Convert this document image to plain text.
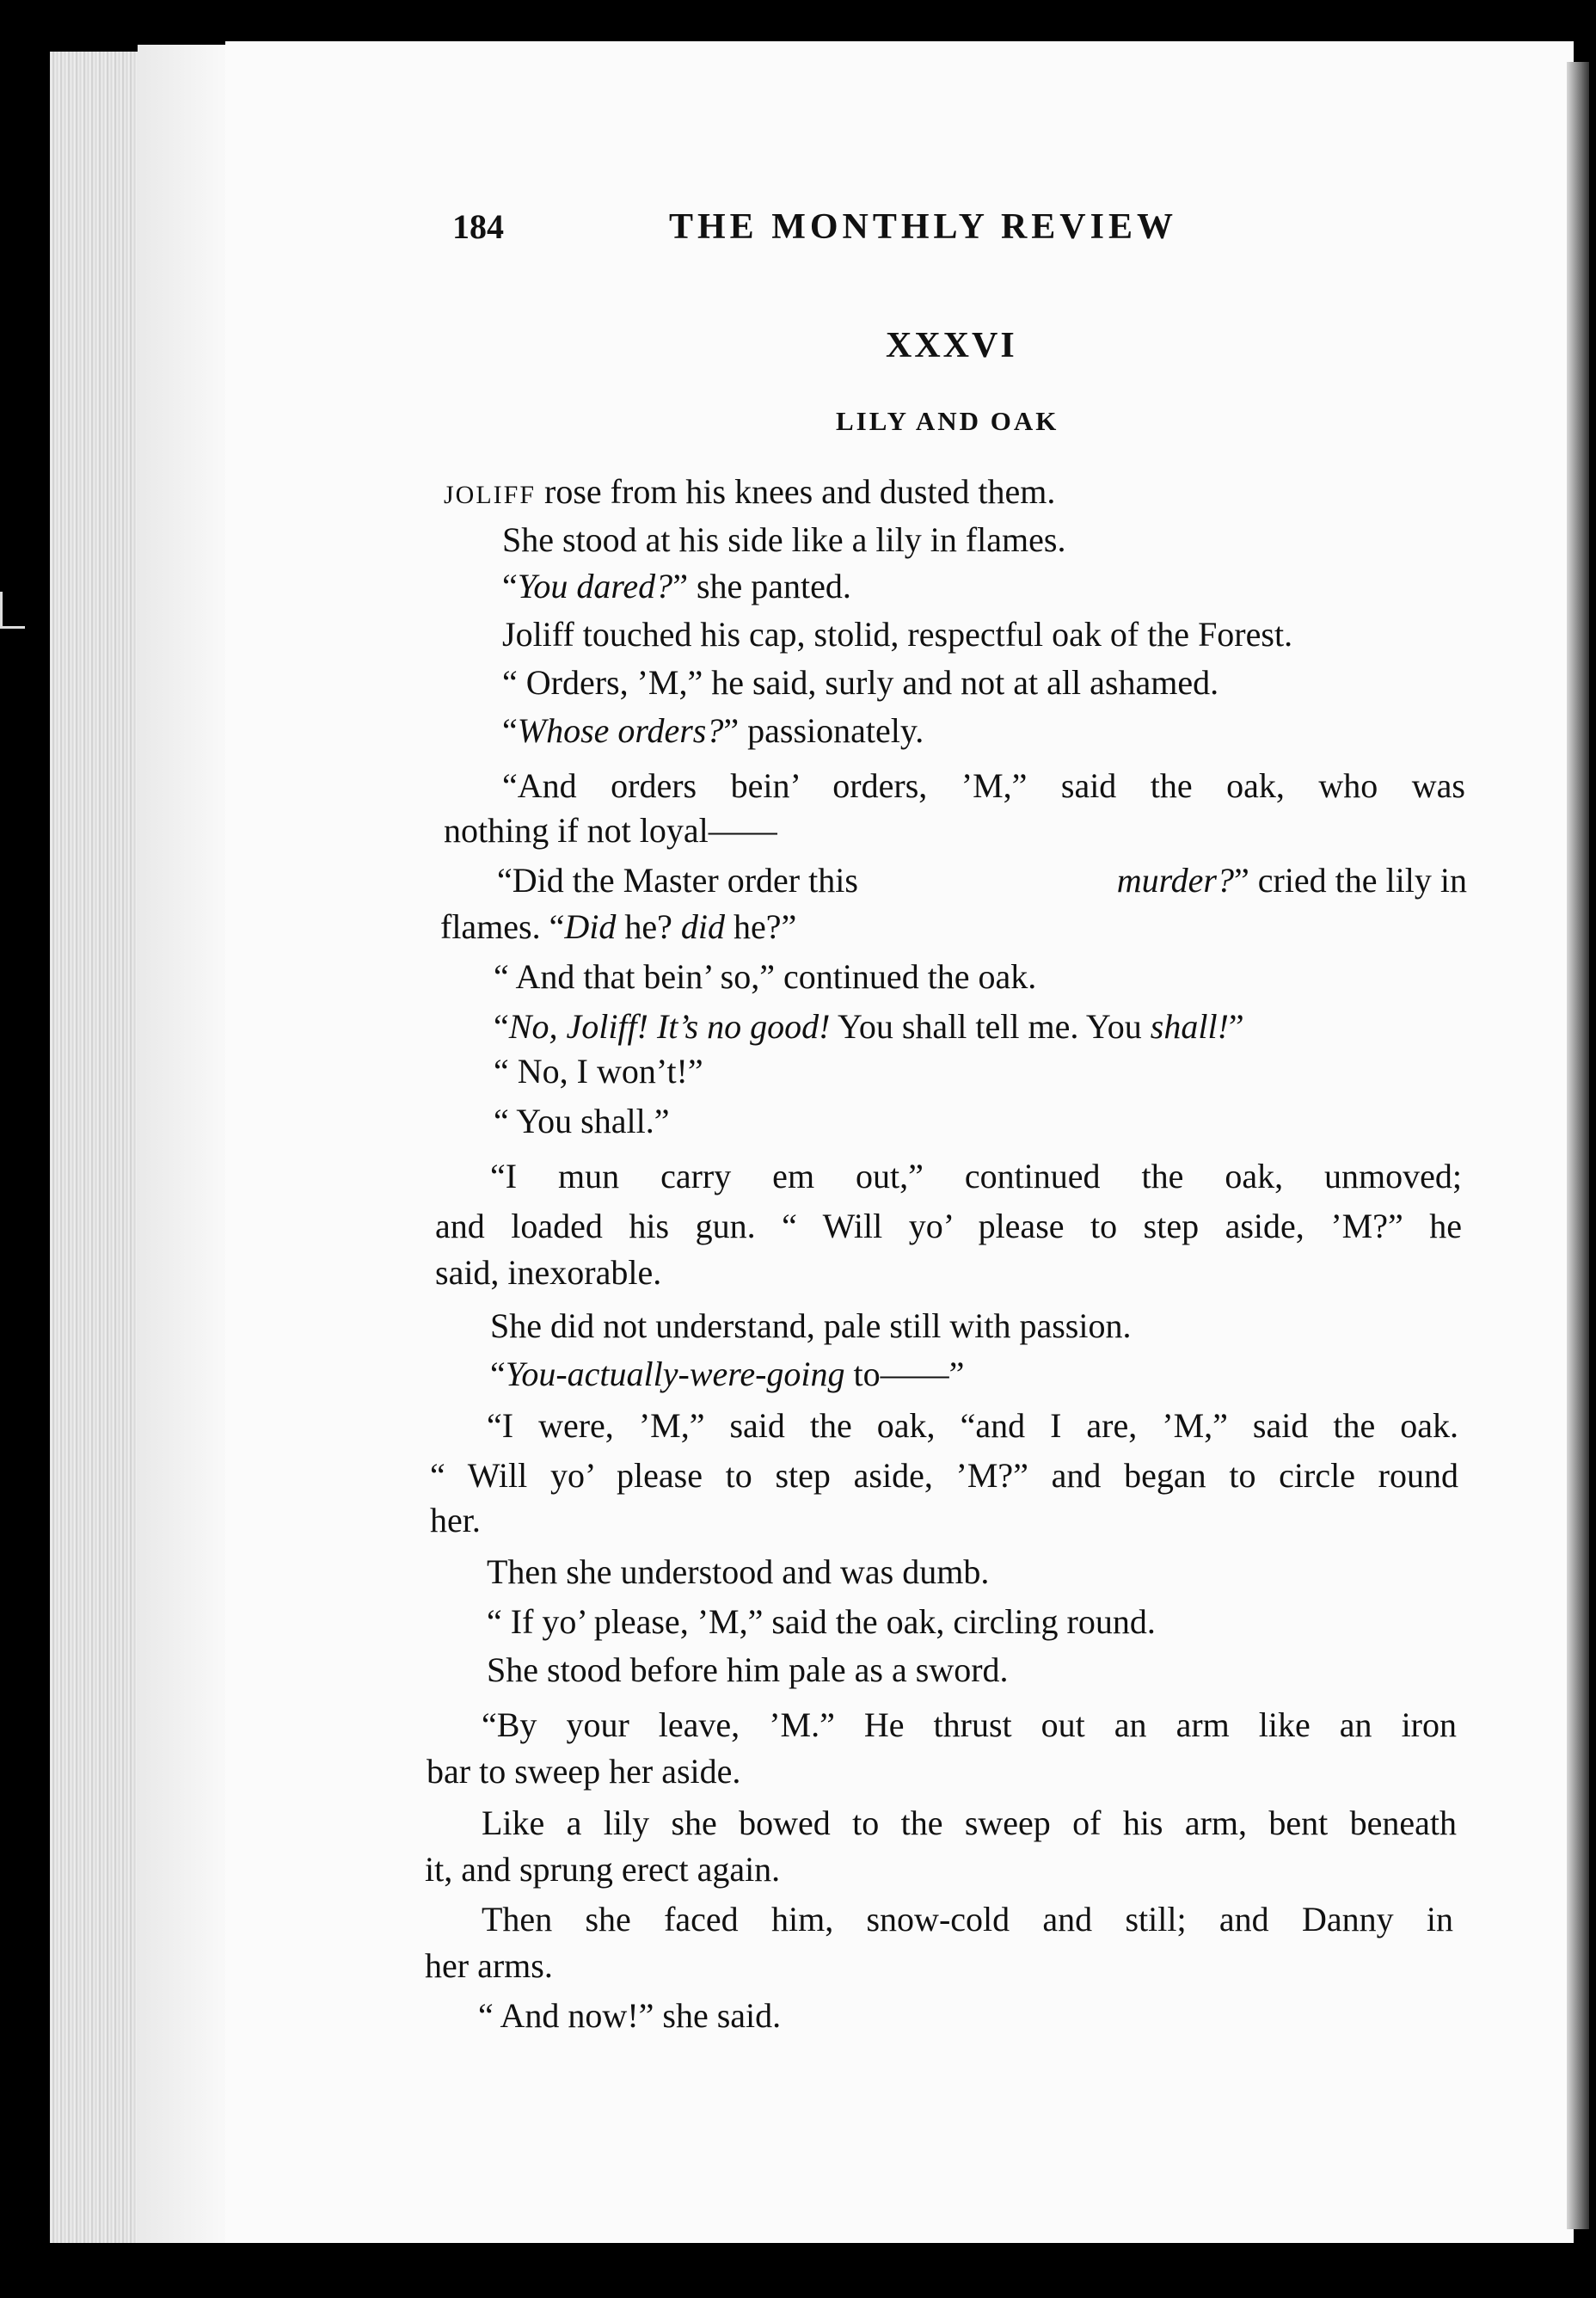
184	THE MONTHLY REVIEW
XXXVI
LILY AND OAK
JOLIFF rose from his knees and dusted them.
She stood at his side like a lily in flames.
“You dared?” she panted.
Joliff touched his cap, stolid, respectful oak of the Forest.
“ Orders, ’M,” he said, surly and not at all ashamed.
“Whose orders?” passionately.
“And orders bein’ orders, ’M,” said the oak, who was
nothing if not loyal——
“Did the Master order this	murder?” cried the lily in
flames. “Did he? did he?”
“ And that bein’ so,” continued the oak.
“No, Joliff! It’s no good! You shall tell me. You shall!”
“ No, I won’t!”
“ You shall.”
“I mun carry em out,” continued the oak, unmoved;
and loaded his gun. “ Will yo’ please to step aside, ’M?” he
said, inexorable.
She did not understand, pale still with passion.
“You-actually-were-going to——”
“I were, ’M,” said the oak, “and I are, ’M,” said the oak.
“ Will yo’ please to step aside, ’M?” and began to circle round
her.
Then she understood and was dumb.
“ If yo’ please, ’M,” said the oak, circling round.
She stood before him pale as a sword.
“By your leave, ’M.” He thrust out an arm like an iron
bar to sweep her aside.
Like a lily she bowed to the sweep of his arm, bent beneath
it, and sprung erect again.
Then she faced him, snow-cold and still; and Danny in
her arms.
“ And now!” she said.
